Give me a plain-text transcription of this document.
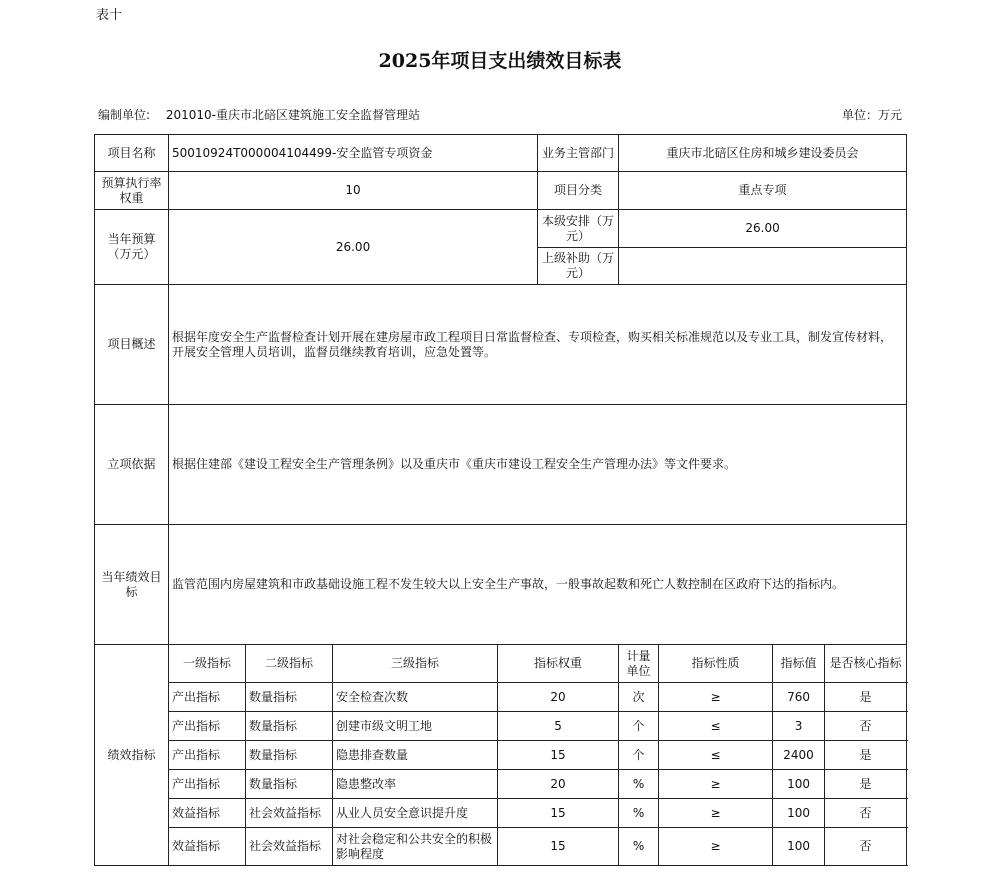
表十
2025年项目支出绩效目标表
编制单位: 201010-重庆市北碚区建筑施工安全监督管理站	单位：万元
项目名称	50010924T000004104499-安全监管专项资金				业务主管部门	重庆市北碚区住房和城乡建设委员会			
预算执行率权重	10				项目分类	重点专项			
当年预算（万元）	26.00				本级安排（万元）	26.00			
					上级补助（万元）				
项目概述	根据年度安全生产监督检查计划开展在建房屋市政工程项目日常监督检查、专项检查，购买相关标准规范以及专业工具，制发宣传材料，开展安全管理人员培训，监督员继续教育培训，应急处置等。								
立项依据	根据住建部《建设工程安全生产管理条例》以及重庆市《重庆市建设工程安全生产管理办法》等文件要求。								
当年绩效目标	监管范围内房屋建筑和市政基础设施工程不发生较大以上安全生产事故，一般事故起数和死亡人数控制在区政府下达的指标内。								
绩效指标	一级指标	二级指标	三级指标	指标权重		计量单位	指标性质	指标值	是否核心指标
	产出指标	数量指标	安全检查次数	20		次	≥	760	是
	产出指标	数量指标	创建市级文明工地	5		个	≤	3	否
	产出指标	数量指标	隐患排查数量	15		个	≤	2400	是
	产出指标	数量指标	隐患整改率	20		%	≥	100	是
	效益指标	社会效益指标	从业人员安全意识提升度	15		%	≥	100	否
	效益指标	社会效益指标	对社会稳定和公共安全的积极影响程度	15		%	≥	100	否
